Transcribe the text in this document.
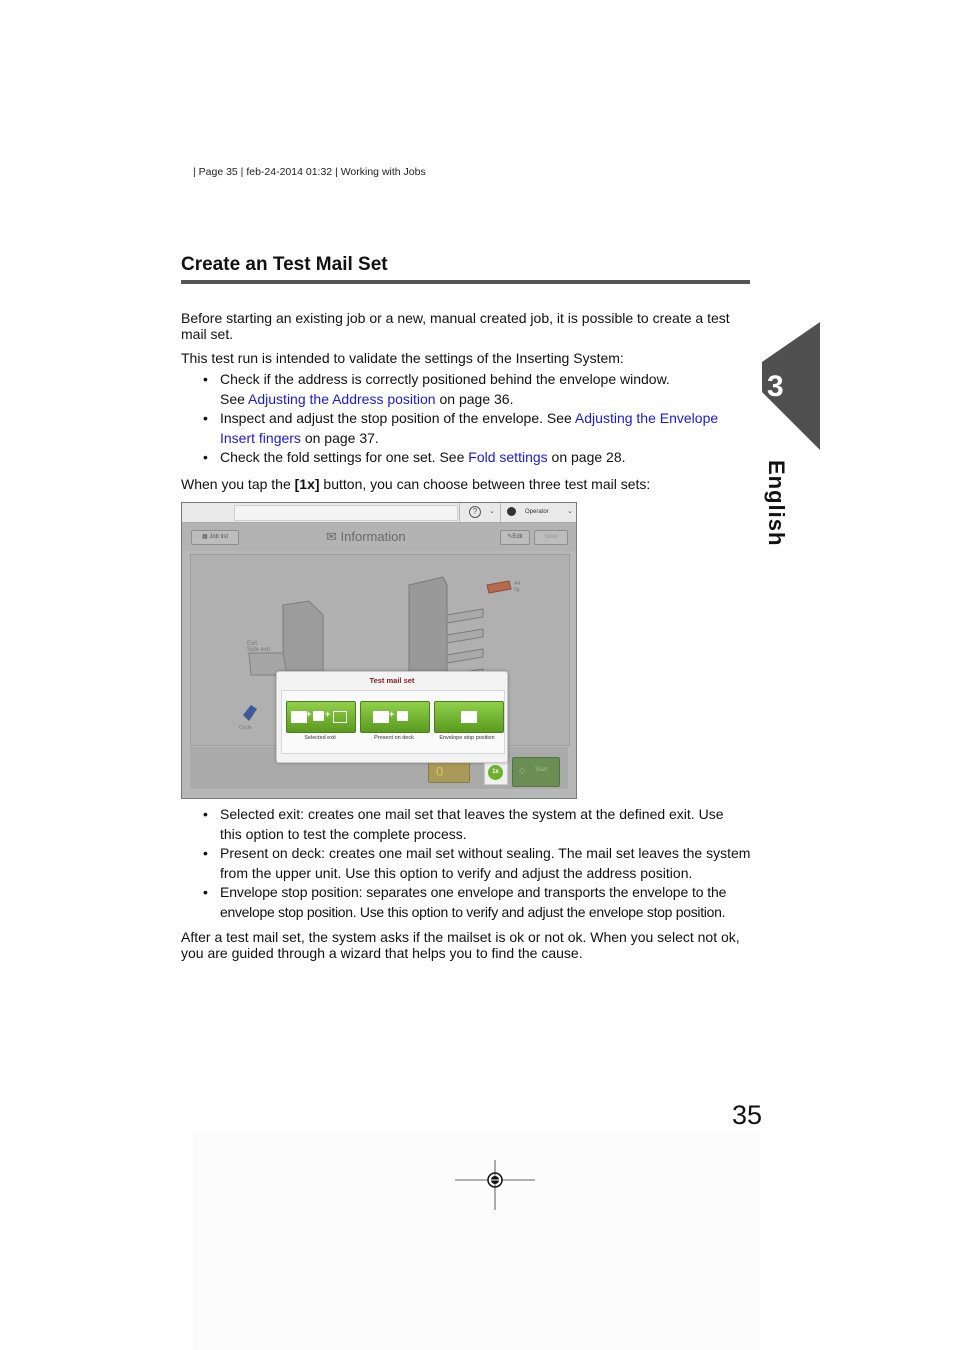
| Page 35 | feb-24-2014 01:32 | Working with Jobs
Create an Test Mail Set
Before starting an existing job or a new, manual created job, it is possible to create a test mail set.
This test run is intended to validate the settings of the Inserting System:
• Check if the address is correctly positioned behind the envelope window.
See Adjusting the Address position on page 36.
• Inspect and adjust the stop position of the envelope. See Adjusting the Envelope
Insert fingers on page 37.
• Check the fold settings for one set. See Fold settings on page 28.
When you tap the [1x] button, you can choose between three test mail sets:
?	⌄	Operator	⌄
▦ Job list	✉ Information	✎Edit	Save
Exit
Side exit
Cycle
A4
5g
0	1x	◇ Start
Test mail set
+ +
Selected exit
+
Present on deck	Envelope stop position
• Selected exit: creates one mail set that leaves the system at the defined exit. Use
this option to test the complete process.
• Present on deck: creates one mail set without sealing. The mail set leaves the system
from the upper unit. Use this option to verify and adjust the address position.
• Envelope stop position: separates one envelope and transports the envelope to the
envelope stop position. Use this option to verify and adjust the envelope stop position.
After a test mail set, the system asks if the mailset is ok or not ok. When you select not ok, you are guided through a wizard that helps you to find the cause.
3
English
35
